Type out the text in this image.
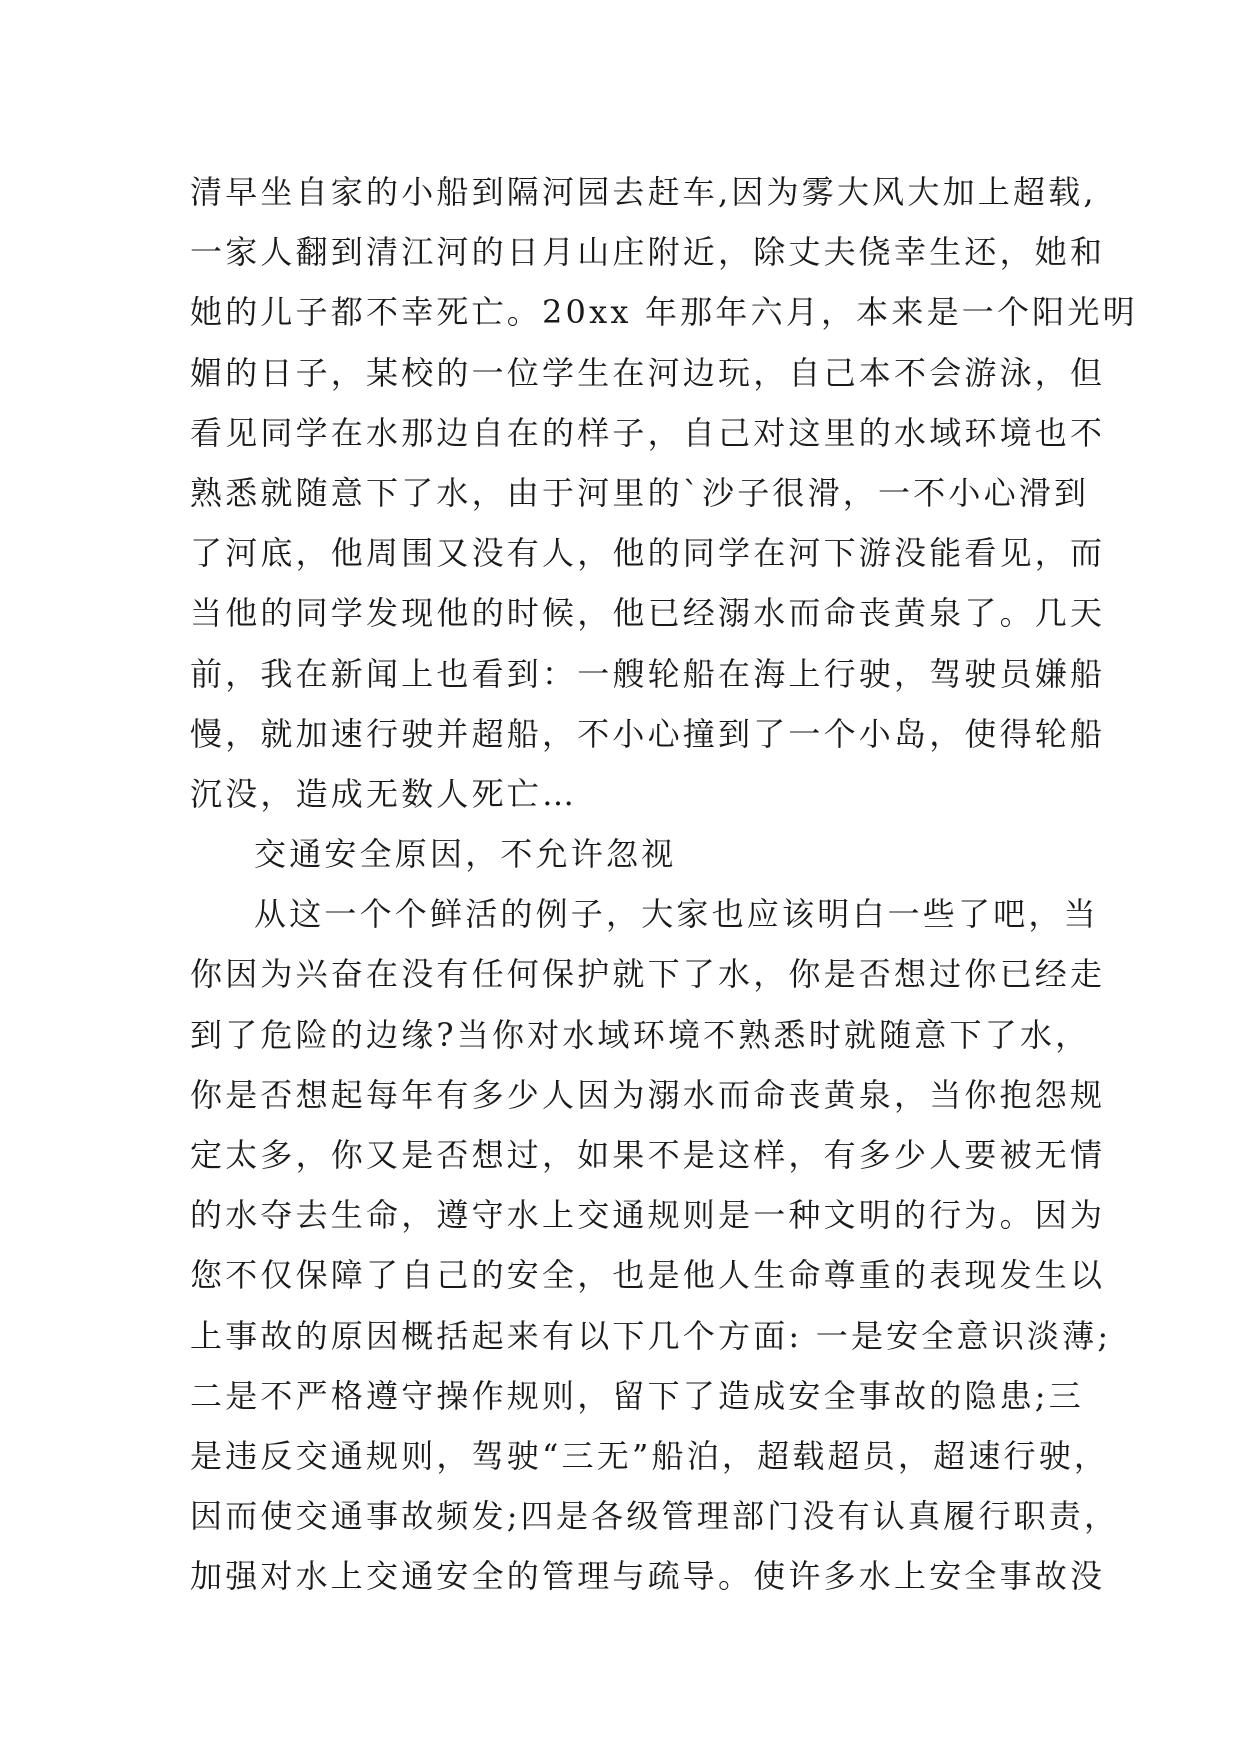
清早坐自家的小船到隔河园去赶车,因为雾大风大加上超载,
一家人翻到清江河的日月山庄附近，除丈夫侥幸生还，她和
她的儿子都不幸死亡。20xx 年那年六月，本来是一个阳光明
媚的日子，某校的一位学生在河边玩，自己本不会游泳，但
看见同学在水那边自在的样子，自己对这里的水域环境也不
熟悉就随意下了水，由于河里的`沙子很滑，一不小心滑到
了河底，他周围又没有人，他的同学在河下游没能看见，而
当他的同学发现他的时候，他已经溺水而命丧黄泉了。几天
前，我在新闻上也看到：一艘轮船在海上行驶，驾驶员嫌船
慢，就加速行驶并超船，不小心撞到了一个小岛，使得轮船
沉没，造成无数人死亡…
交通安全原因，不允许忽视
从这一个个鲜活的例子，大家也应该明白一些了吧，当
你因为兴奋在没有任何保护就下了水，你是否想过你已经走
到了危险的边缘?当你对水域环境不熟悉时就随意下了水，
你是否想起每年有多少人因为溺水而命丧黄泉，当你抱怨规
定太多，你又是否想过，如果不是这样，有多少人要被无情
的水夺去生命，遵守水上交通规则是一种文明的行为。因为
您不仅保障了自己的安全，也是他人生命尊重的表现发生以
上事故的原因概括起来有以下几个方面: 一是安全意识淡薄;
二是不严格遵守操作规则，留下了造成安全事故的隐患;三
是违反交通规则，驾驶“三无”船泊，超载超员，超速行驶，
因而使交通事故频发;四是各级管理部门没有认真履行职责，
加强对水上交通安全的管理与疏导。使许多水上安全事故没
